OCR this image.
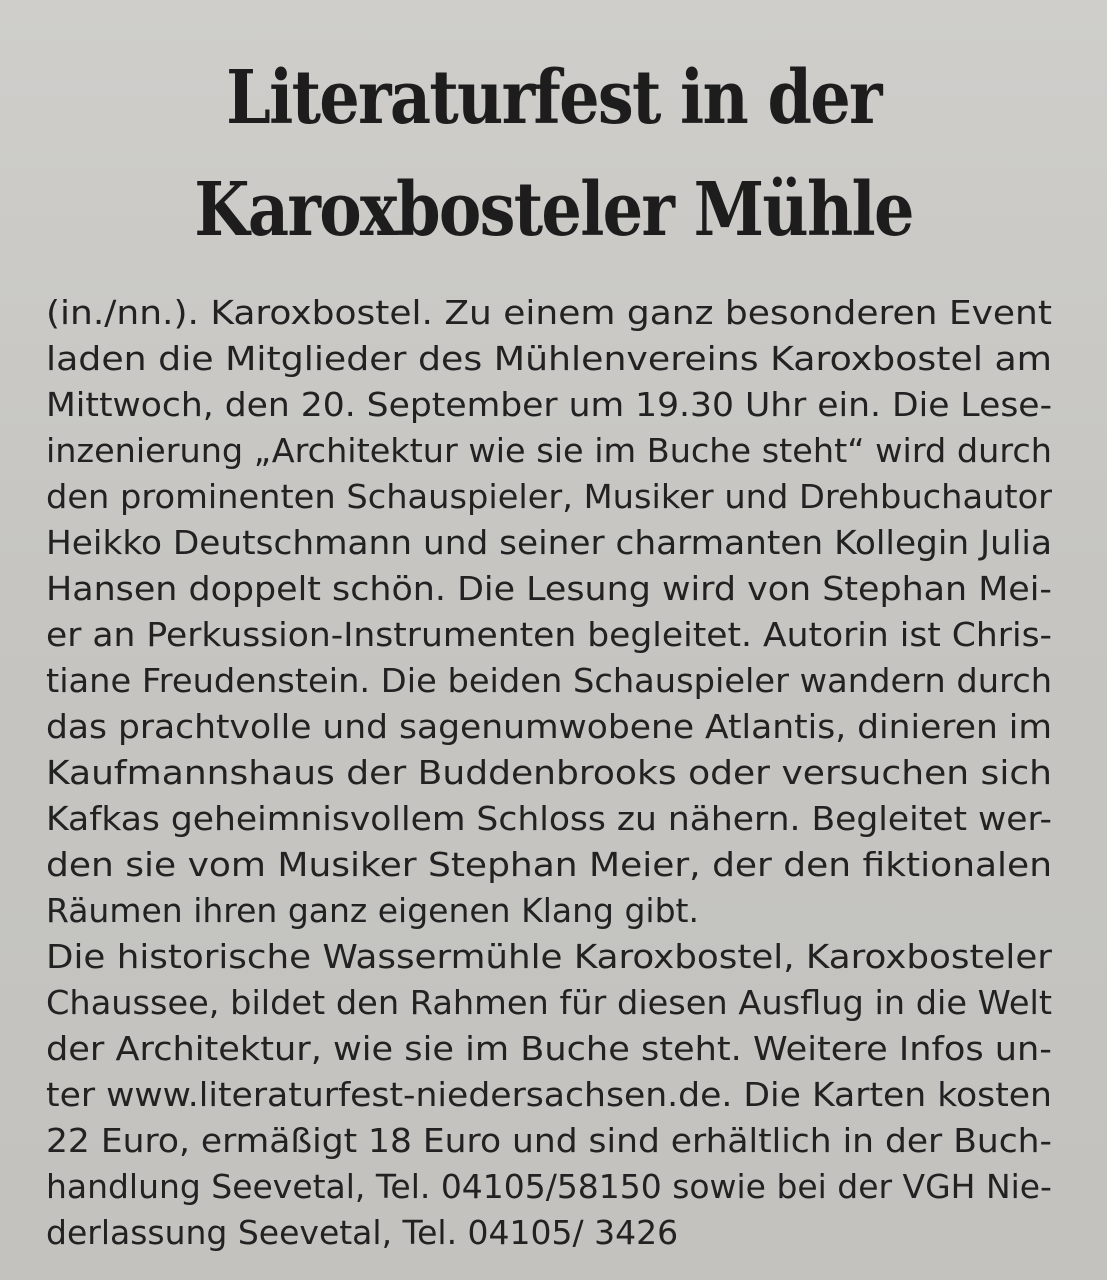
Literaturfest in der
Karoxbosteler Mühle
(in./nn.). Karoxbostel. Zu einem ganz besonderen Event
laden die Mitglieder des Mühlenvereins Karoxbostel am
Mittwoch, den 20. September um 19.30 Uhr ein. Die Lese-
inzenierung „Architektur wie sie im Buche steht“ wird durch
den prominenten Schauspieler, Musiker und Drehbuchautor
Heikko Deutschmann und seiner charmanten Kollegin Julia
Hansen doppelt schön. Die Lesung wird von Stephan Mei-
er an Perkussion-Instrumenten begleitet. Autorin ist Chris-
tiane Freudenstein. Die beiden Schauspieler wandern durch
das prachtvolle und sagenumwobene Atlantis, dinieren im
Kaufmannshaus der Buddenbrooks oder versuchen sich
Kafkas geheimnisvollem Schloss zu nähern. Begleitet wer-
den sie vom Musiker Stephan Meier, der den fiktionalen
Räumen ihren ganz eigenen Klang gibt.
Die historische Wassermühle Karoxbostel, Karoxbosteler
Chaussee, bildet den Rahmen für diesen Ausflug in die Welt
der Architektur, wie sie im Buche steht. Weitere Infos un-
ter www.literaturfest-niedersachsen.de. Die Karten kosten
22 Euro, ermäßigt 18 Euro und sind erhältlich in der Buch-
handlung Seevetal, Tel. 04105/58150 sowie bei der VGH Nie-
derlassung Seevetal, Tel. 04105/ 3426
